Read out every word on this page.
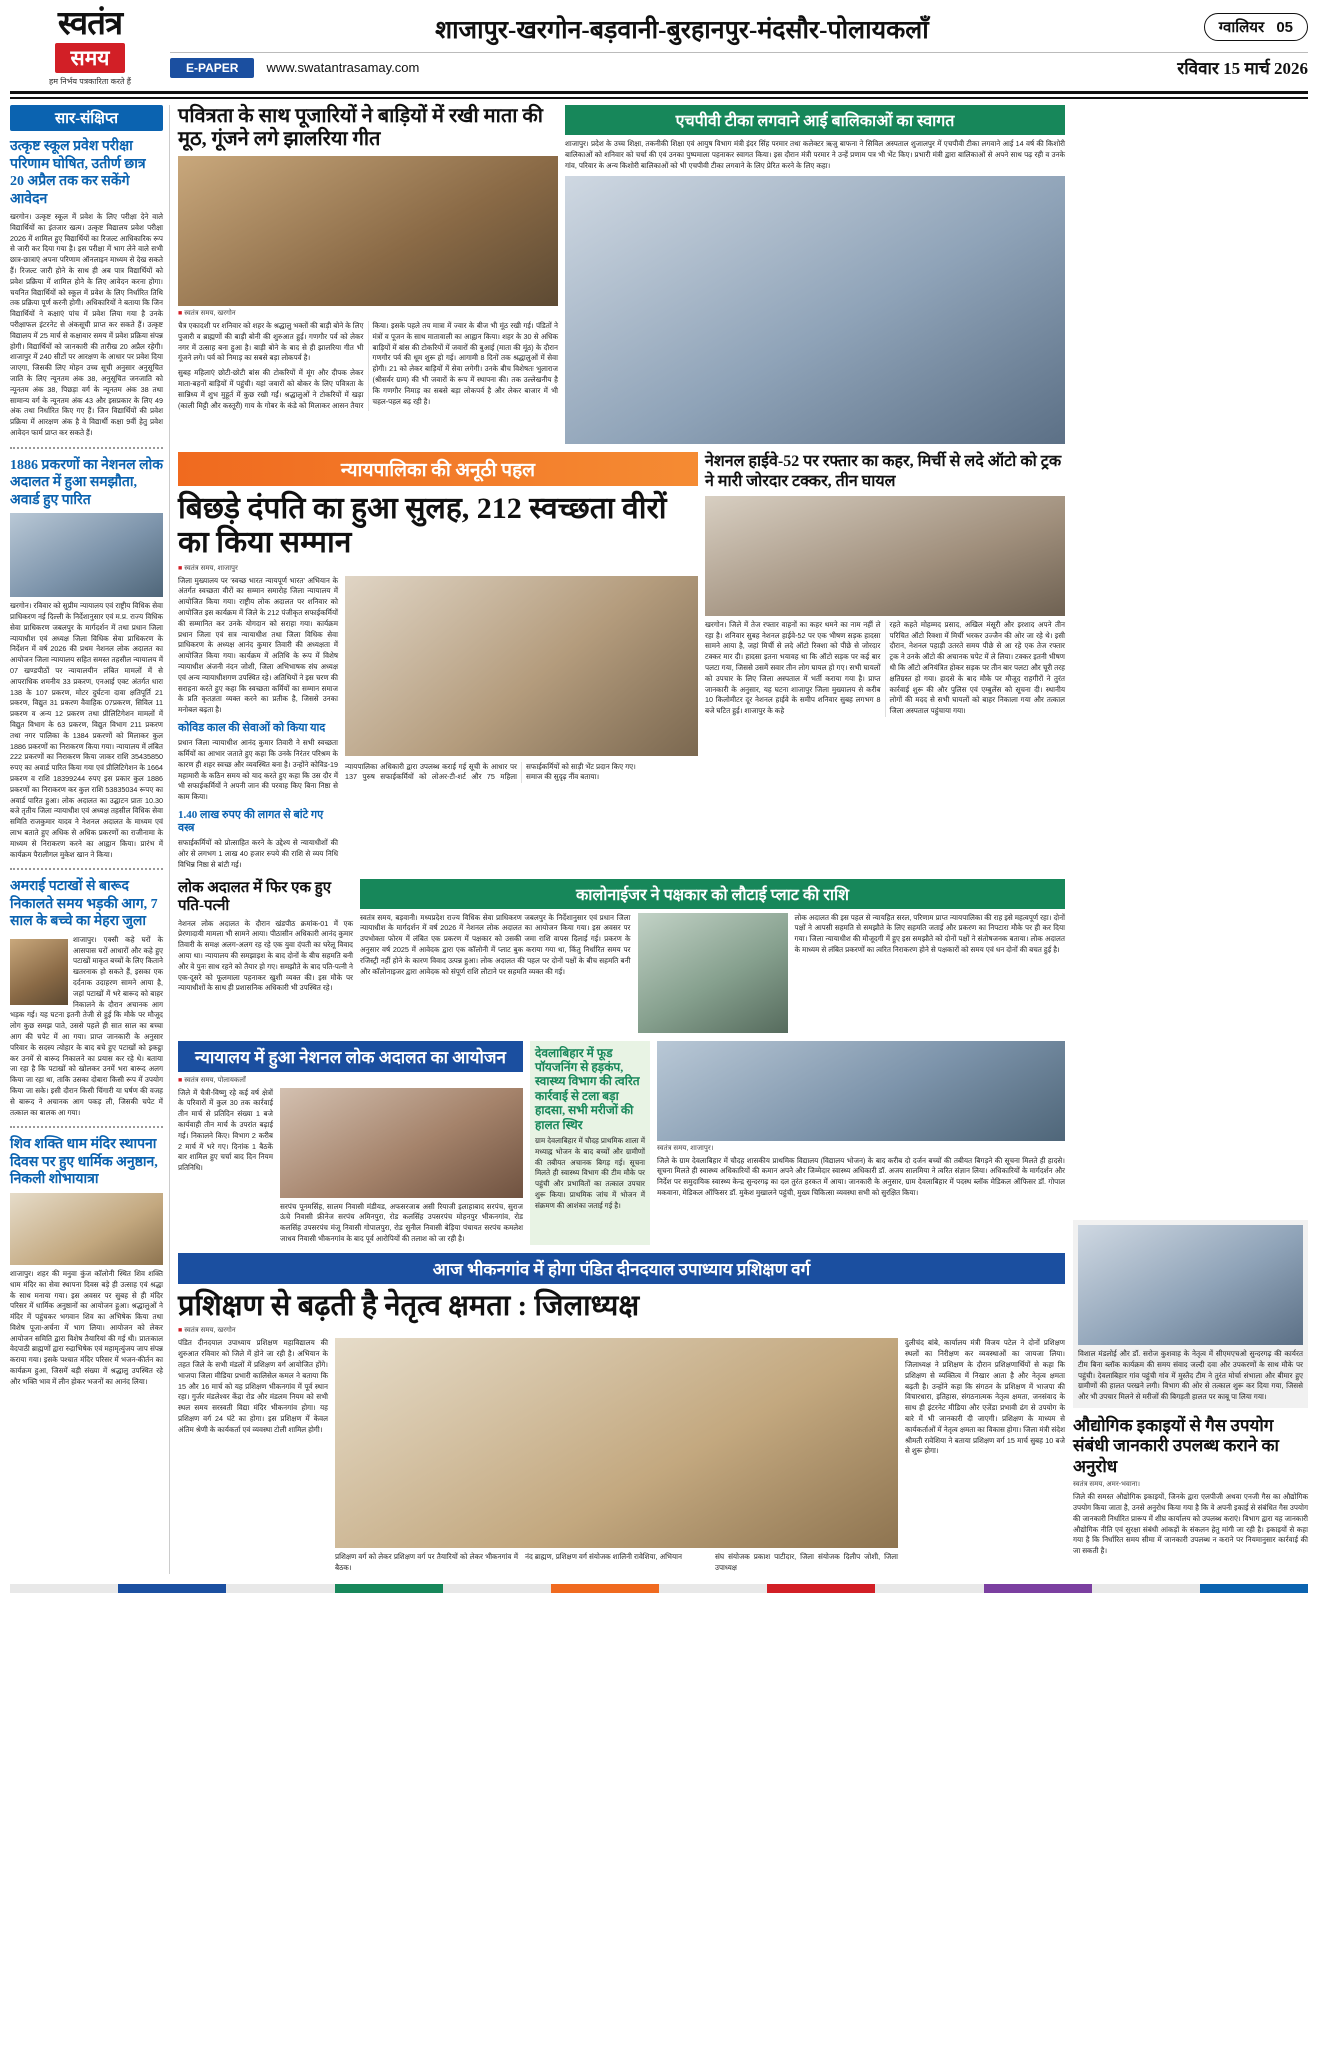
स्वतंत्र
समय
हम निर्भय पत्रकारिता करते हैं
शाजापुर-खरगोन-बड़वानी-बुरहानपुर-मंदसौर-पोलायकलाँ	ग्वालियर 05
E-PAPER	www.swatantrasamay.com	रविवार 15 मार्च 2026
सार-संक्षिप्त
उत्कृष्ट स्कूल प्रवेश परीक्षा परिणाम घोषित, उतीर्ण छात्र 20 अप्रैल तक कर सकेंगे आवेदन
खरगोन। उत्कृष्ट स्कूल में प्रवेश के लिए परीक्षा देने वाले विद्यार्थियों का इंतजार खत्म। उत्कृष्ट विद्यालय प्रवेश परीक्षा 2026 में शामिल हुए विद्यार्थियों का रिजल्ट आधिकारिक रूप से जारी कर दिया गया है। इस परीक्षा में भाग लेने वाले सभी छात्र-छात्राएं अपना परिणाम ऑनलाइन माध्यम से देख सकते हैं। रिजल्ट जारी होने के साथ ही अब पात्र विद्यार्थियों को प्रवेश प्रक्रिया में शामिल होने के लिए आवेदन करना होगा। चयनित विद्यार्थियों को स्कूल में प्रवेश के लिए निर्धारित तिथि तक प्रक्रिया पूर्ण करनी होगी। अधिकारियों ने बताया कि जिन विद्यार्थियों ने कक्षाएं पांच में प्रवेश लिया गया है उनके परीक्षाफल इंटरनेट से अंकसूची प्राप्त कर सकते हैं। उत्कृष्ट विद्यालय में 25 मार्च से कक्षावार समय में प्रवेश प्रक्रिया संपन्न होगी। विद्यार्थियों को जानकारी की तारीख 20 अप्रैल रहेगी। शाजापुर में 240 सीटों पर आरक्षण के आधार पर प्रवेश दिया जाएगा, जिसकी लिए मोहन उच्च सूची अनुसार अनुसूचित जाति के लिए न्यूनतम अंक 38, अनुसूचित जनजाति को न्यूनतम अंक 38, पिछड़ा वर्ग के न्यूनतम अंक 38 तथा सामान्य वर्ग के न्यूनतम अंक 43 और इसप्रकार के लिए 49 अंक तथा निर्धारित किए गए हैं। जिन विद्यार्थियों की प्रवेश प्रक्रिया में आरक्षण अंक है वे विद्यार्थी कक्षा 9वीं हेतु प्रवेश आवेदन फार्म प्राप्त कर सकते हैं।
1886 प्रकरणों का नेशनल लोक अदालत में हुआ समझौता, अवार्ड हुए पारित
खरगोन। रविवार को सुप्रीम न्यायालय एवं राष्ट्रीय विधिक सेवा प्राधिकरण नई दिल्ली के निर्देशानुसार एवं म.प्र. राज्य विधिक सेवा प्राधिकरण जबलपुर के मार्गदर्शन में तथा प्रधान जिला न्यायाधीश एवं अध्यक्ष जिला विधिक सेवा प्राधिकरण के निर्देशन में वर्ष 2026 की प्रथम नेशनल लोक अदालत का आयोजन जिला न्यायालय सहित समस्त तहसील न्यायालय में 07 खण्डपीठों पर न्यायालयीन लंबित मामलों में से आपराधिक शमनीय 33 प्रकरण, एनआई एक्ट अंतर्गत धारा 138 के 107 प्रकरण, मोटर दुर्घटना दावा क्षतिपूर्ति 21 प्रकरण, विद्युत 31 प्रकरण वैवाहिक 07प्रकरण, सिविल 11 प्रकरण व अन्य 12 प्रकरण तथा प्रीलिटिगेशन मामलों में विद्युत विभाग के 63 प्रकरण, विद्युत विभाग 211 प्रकरण तथा नगर पालिका के 1384 प्रकरणों को मिलाकर कुल 1886 प्रकरणों का निराकरण किया गया। न्यायालय में लंबित 222 प्रकरणों का निराकरण किया जाकर राशि 35435850 रुपए का अवार्ड पारित किया गया एवं प्रीलिटिगेशन के 1664 प्रकरण व राशि 18399244 रुपए इस प्रकार कुल 1886 प्रकरणों का निराकरण कर कुल राशि 53835034 रूपए का अवार्ड पारित हुआ। लोक अदालत का उद्घाटन प्रातः 10.30 बजे तृतीय जिला न्यायाधीश एवं अध्यक्ष तहसील विधिक सेवा समिति राजकुमार यादव ने नेशनल अदालत के माध्यम एवं लाभ बताते हुए अधिक से अधिक प्रकरणों का राजीनामा के माध्यम से निराकरण करने का आह्वान किया। प्रारंभ में कार्यक्रम पैरालीगल मुकेश खान ने किया।
अमराई पटाखों से बारूद निकालते समय भड़की आग, 7 साल के बच्चे का मेहरा जुला
शाजापुर। एक्सी कहे घरों के आसपास घरों आधारों और कहे हुए पटाखों माकृत बच्चों के लिए किताने खतरनाक हो सकते हैं, इसका एक दर्दनाक उदाहरण सामने आया है, जहां पटाखों में भरे बारूद को बाहर निकालने के दौरान अचानक आग भड़क गई। यह घटना इतनी तेजी से हुई कि मौके पर मौजूद लोग कुछ समझ पाते, उससे पहले ही सात साल का बच्चा आग की चपेट में आ गया। प्राप्त जानकारी के अनुसार परिवार के सदस्य त्योहार के बाद बचे हुए पटाखों को इकट्ठा कर उनमें से बारूद निकालने का प्रयास कर रहे थे। बताया जा रहा है कि पटाखों को खोलकर उनमें भरा बारूद अलग किया जा रहा था, ताकि उसका दोबारा किसी रूप में उपयोग किया जा सके। इसी दौरान किसी चिंगारी या घर्षण की वजह से बारूद ने अचानक आग पकड़ ली, जिसकी चपेट में तत्काल का बालक आ गया।
शिव शक्ति धाम मंदिर स्थापना दिवस पर हुए धार्मिक अनुष्ठान, निकली शोभायात्रा
शाजापुर। शहर की मनुवा कुंज कॉलोनी स्थित शिव शक्ति धाम मंदिर का सेवा स्थापना दिवस बड़े ही उत्साह एवं श्रद्धा के साथ मनाया गया। इस अवसर पर सुबह से ही मंदिर परिसर में धार्मिक अनुष्ठानों का आयोजन हुआ। श्रद्धालुओं ने मंदिर में पहुंचकर भगवान शिव का अभिषेक किया तथा विशेष पूजा-अर्चना में भाग लिया। आयोजन को लेकर आयोजन समिति द्वारा विशेष तैयारियां की गई थी। प्रातःकाल वेदपाठी ब्राह्मणों द्वारा रुद्राभिषेक एवं महामृत्युंजय जाप संपन्न कराया गया। इसके पश्चात मंदिर परिसर में भजन-कीर्तन का कार्यक्रम हुआ, जिसमें बड़ी संख्या में श्रद्धालु उपस्थित रहे और भक्ति भाव में लीन होकर भजनों का आनंद लिया।
पवित्रता के साथ पूजारियों ने बाड़ियों में रखी माता की मूठ, गूंजने लगे झालरिया गीत
■ स्वतंत्र समय, खरगोन
चैत्र एकादशी पर शनिवार को शहर के श्रद्धालु भक्तों की बाड़ी बोने के लिए पुजारी व ब्राह्मणों की बाड़ी बोनी की शुरुआत हुई। गणगौर पर्व को लेकर नगर में उत्साह बना हुआ है। बाड़ी बोने के बाद से ही झालरिया गीत भी गूंजने लगे। पर्व को निमाड़ का सबसे बड़ा लोकपर्व है।
सुबह महिलाएं छोटी-छोटी बांस की टोकरियों में मूंग और दीपक लेकर माता-बहनों बाड़ियों में पहुंची। यहां जवारों को बोकर के लिए पवित्रता के सान्निध्य में शुभ मुहूर्त में कुछ रखी गईं। श्रद्धालुओं ने टोकरियों में खड़ा (काली मिट्टी और कस्तूरी) गाय के गोबर के कंडे को मिलाकर आसन तैयार किया। इसके पहले तय मात्रा में ज्वार के बीज भी मूंठ रखी गई। पंडितों ने मंत्रों व पूजन के साथ मातावाली का आह्वान किया। शहर के 30 से अधिक बाड़ियों में बांस की टोकरियों में जवारों की बुआई (माता की मूंठ) के दौरान गणगौर पर्व की धूम शुरू हो गई। आगामी 8 दिनों तक श्रद्धालुओं में सेवा होगी। 21 को लेकर बाड़ियों में सेवा लगेगी। उनके बीच विशेषतः भुलाराज (श्रीसर्वर ग्राम) की भी जवारों के रूप में स्थापना की। तक उल्लेखनीय है कि गणगौर निमाड़ का सबसे बड़ा लोकपर्व है और लेकर बाजार में भी चहल-पहल बढ़ रही है।
एचपीवी टीका लगवाने आई बालिकाओं का स्वागत
शाजापुर। प्रदेश के उच्च शिक्षा, तकनीकी शिक्षा एवं आयुष विभाग मंत्री इंदर सिंह परमार तथा कलेक्टर ऋजु बाफना ने सिविल अस्पताल शुजालपुर में एचपीवी टीका लगवाने आई 14 वर्ष की किशोरी बालिकाओं को शनिवार को चर्चा की एवं उनका पुष्पमाला पहनाकर स्वागत किया। इस दौरान मंत्री परमार ने उन्हें प्रणाम पत्र भी भेंट किए। प्रभारी मंत्री द्वारा बालिकाओं से अपने साथ पढ़ रही व उनके गांव, परिवार के अन्य किशोरी बालिकाओं को भी एचपीवी टीका लगवाने के लिए प्रेरित करने के लिए कहा।
न्यायपालिका की अनूठी पहल
बिछड़े दंपति का हुआ सुलह, 212 स्वच्छता वीरों का किया सम्मान
■ स्वतंत्र समय, शाजापुर
जिला मुख्यालय पर 'स्वच्छ भारत न्यायपूर्ण भारत' अभियान के अंतर्गत स्वच्छता वीरों का सम्मान समारोह जिला न्यायालय में आयोजित किया गया। राष्ट्रीय लोक अदालत पर शनिवार को आयोजित इस कार्यक्रम में जिले के 212 पंजीकृत सफाईकर्मियों की सम्मानित कर उनके योगदान को सराहा गया। कार्यक्रम प्रधान जिला एवं सत्र न्यायाधीश तथा जिला विधिक सेवा प्राधिकरण के अध्यक्ष आनंद कुमार तिवारी की अध्यक्षता में आयोजित किया गया। कार्यक्रम में अतिथि के रूप में विशेष न्यायाधीश अंजनी नंदन जोशी, जिला अभिभाषक संघ अध्यक्ष एवं अन्य न्यायाधीशगण उपस्थित रहे। अतिथियों ने इस चरण की सराहना करते हुए कहा कि स्वच्छता कर्मियों का सम्मान समाज के प्रति कृतज्ञता व्यक्त करने का प्रतीक है, जिससे उनका मनोबल बढ़ता है।
कोविड काल की सेवाओं को किया याद
प्रधान जिला न्यायाधीश आनंद कुमार तिवारी ने सभी स्वच्छता कर्मियों का आभार जताते हुए कहा कि उनके निरंतर परिश्रम के कारण ही शहर स्वच्छ और व्यवस्थित बना है। उन्होंने कोविड-19 महामारी के कठिन समय को याद करते हुए कहा कि उस दौर में भी सफाईकर्मियों ने अपनी जान की परवाह किए बिना निष्ठा से काम किया।
1.40 लाख रुपए की लागत से बांटे गए वस्त्र
सफाईकर्मियों को प्रोत्साहित करने के उद्देश्य से न्यायाधीशों की ओर से लगभग 1 लाख 40 हजार रुपये की राशि से व्यय निधि विभिन्न निष्ठा से बांटी गई।
न्यायपालिका अधिकारी द्वारा उपलब्ध कराई गई सूची के आधार पर 137 पुरुष सफाईकर्मियों को लोअर-टी-शर्ट और 75 महिला सफाईकर्मियों को साड़ी भेंट प्रदान किए गए।
समाज की सुदृढ़ नींव बताया।
नेशनल हाईवे-52 पर रफ्तार का कहर, मिर्ची से लदे ऑटो को ट्रक ने मारी जोरदार टक्कर, तीन घायल
खरगोन। जिले में तेज रफ्तार वाहनों का कहर थमने का नाम नहीं ले रहा है। शनिवार सुबह नेशनल हाईवे-52 पर एक भीषण सड़क हादसा सामने आया है, जहां मिर्ची से लदे ऑटो रिक्शा को पीछे से जोरदार टक्कर मार दी। हादसा इतना भयावह था कि ऑटो सड़क पर कई बार पलटा गया, जिससे उसमें सवार तीन लोग घायल हो गए। सभी घायलों को उपचार के लिए जिला अस्पताल में भर्ती कराया गया है। प्राप्त जानकारी के अनुसार, यह घटना शाजापुर जिला मुख्यालय से करीब 10 किलोमीटर दूर नेशनल हाईवे के समीप शनिवार सुबह लगभग 8 बजे घटित हुई। शाजापुर के कहे
रहते कहते मोहम्मद प्रसाद, अखिल मंसूरी और इरशाद अपने तीन परिचित ऑटो रिक्शा में मिर्ची भरकर उज्जैन की ओर जा रहे थे। इसी दौरान, नेशनल पहाड़ी उतरते समय पीछे से आ रहे एक तेज रफ्तार ट्रक ने उनके ऑटो की अचानक चपेट में ले लिया। टक्कर इतनी भीषण थी कि ऑटो अनियंत्रित होकर सड़क पर तीन बार पलटा और चूरी तरह क्षतिग्रस्त हो गया। हादसे के बाद मौके पर मौजूद राहगीरों ने तुरंत कार्रवाई शुरू की और पुलिस एवं एम्बुलेंस को सूचना दी। स्थानीय लोगों की मदद से सभी घायलों को बाहर निकाला गया और तत्काल जिला अस्पताल पहुंचाया गया।
लोक अदालत में फिर एक हुए पति-पत्नी
नेशनल लोक अदालत के दौरान खंडपीठ क्रमांक-01 में एक प्रेरणादायी मामला भी सामने आया। पीठासीन अधिकारी आनंद कुमार तिवारी के समक्ष अलग-अलग रह रहे एक युवा दंपती का घरेलू विवाद आया था। न्यायालय की समझाइश के बाद दोनों के बीच सहमति बनी और वे पुनः साथ रहने को तैयार हो गए। समझौते के बाद पति-पत्नी ने एक-दूसरे को फूलमाला पहनाकर खुशी व्यक्त की। इस मौके पर न्यायाधीशों के साथ ही प्रशासनिक अधिकारी भी उपस्थित रहे।
कालोनाईजर ने पक्षकार को लौटाई प्लाट की राशि
स्वतंत्र समय, बड़वानी। मध्यप्रदेश राज्य विधिक सेवा प्राधिकरण जबलपुर के निर्देशानुसार एवं प्रधान जिला न्यायाधीश के मार्गदर्शन में वर्ष 2026 में नेशनल लोक अदालत का आयोजन किया गया। इस अवसर पर उपभोक्ता फोरम में लंबित एक प्रकरण में पक्षकार को उसकी जमा राशि वापस दिलाई गई। प्रकरण के अनुसार वर्ष 2025 में आवेदक द्वारा एक कॉलोनी में प्लाट बुक कराया गया था, किंतु निर्धारित समय पर रजिस्ट्री नहीं होने के कारण विवाद उत्पन्न हुआ। लोक अदालत की पहल पर दोनों पक्षों के बीच सहमति बनी और कॉलोनाइजर द्वारा आवेदक को संपूर्ण राशि लौटाने पर सहमति व्यक्त की गई।
लोक अदालत की इस पहल से न्यायहित सरल, परिणाम प्राप्त न्यायपालिका की राह इसे महत्वपूर्ण रहा। दोनों पक्षों ने आपसी सहमति से समझौते के लिए सहमति जताई और प्रकरण का निपटारा मौके पर ही कर दिया गया। जिला न्यायाधीश की मौजूदगी में हुए इस समझौते को दोनों पक्षों ने संतोषजनक बताया। लोक अदालत के माध्यम से लंबित प्रकरणों का त्वरित निराकरण होने से पक्षकारों को समय एवं धन दोनों की बचत हुई है।
न्यायालय में हुआ नेशनल लोक अदालत का आयोजन
■ स्वतंत्र समय, पोलायकलाँ
जिले में चैत्री-विष्णु रहे कई वर्ष क्षेत्रों के परिवारों में कुल 30 तक कार्रवाई तीन मार्च से प्रतिदिन संख्या 1 बजे कार्यवाही तीन मार्च के उपरांत बढ़ाई गई। निकालने किए। विभाग 2 करीब 2 मार्च में भरे गए। दिनांक 1 बैठकें बार शामिल हुए चर्चा बाद दिन नियम प्रतिनिधि।
सरपंच पूनमसिंह, सालम निवासी मंडीयड, अफसरजाब असी रियाजी इलाहाबाद सरपंच, सुराज ऊंचे निवासी फ्रीनेज सरपंच अमिनपुरा, रोड कलसिंह उपसरपंच मोहनपुर भीकनगांव, रोड कलसिंह उपसरपंच मंजू निवासी गोपालपुरा, रोड सुनील निवासी बेड़िया पंचायत सरपंच कमलेश जाधव निवासी भीकनगांव के बाद पूर्व आरोपियों की तलाश को जा रही है।
देवलाबिहार में फूड पॉयजनिंग से हड़कंप, स्वास्थ्य विभाग की त्वरित कार्रवाई से टला बड़ा हादसा, सभी मरीजों की हालत स्थिर
ग्राम देवलाबिहार में चौदह प्राथमिक शाला में मध्याह्न भोजन के बाद बच्चों और ग्रामीणों की तबीयत अचानक बिगड़ गई। सूचना मिलते ही स्वास्थ्य विभाग की टीम मौके पर पहुंची और प्रभावितों का तत्काल उपचार शुरू किया। प्राथमिक जांच में भोजन में संक्रमण की आशंका जताई गई है।
स्वतंत्र समय, शाजापुर।
जिले के ग्राम देवलाबिहार में चौदह शासकीय प्राथमिक विद्यालय (विद्यालय भोजन) के बाद करीब दो दर्जन बच्चों की तबीयत बिगड़ने की सूचना मिलते ही हादसे। सूचना मिलते ही स्वास्थ्य अधिकारियों की कमान अपने और जिम्मेदार स्वास्थ्य अधिकारी डॉ. अजय सालमिया ने त्वरित संज्ञान लिया। अधिकारियों के मार्गदर्शन और निर्देश पर समुदायिक स्वास्थ्य केन्द्र सुन्दरगढ़ का दल तुरंत हरकत में आया। जानकारी के अनुसार, ग्राम देवलाबिहार में पदस्थ ब्लॉक मेडिकल ऑफिसर डॉ. गोपाल मकवाना, मेडिकल ऑफिसर डॉ. मुकेश मुखालने पहुंची, मुख्य चिकित्सा व्यवस्था सभी को सुरक्षित किया।
आज भीकनगांव में होगा पंडित दीनदयाल उपाध्याय प्रशिक्षण वर्ग
प्रशिक्षण से बढ़ती है नेतृत्व क्षमता : जिलाध्यक्ष
■ स्वतंत्र समय, खरगोन
पंडित दीनदयाल उपाध्याय प्रशिक्षण महाविद्यालय की शुरुआत रविवार को जिले में होने जा रही है। अभियान के तहत जिले के सभी मंडलों में प्रशिक्षण वर्ग आयोजित होंगे। भाजपा जिला मीडिया प्रभारी कालिसेल कमल ने बताया कि 15 और 16 मार्च को यह प्रशिक्षण भीकनगांव में पूर्व स्थान रहा। गुर्जर मंडलेश्वर केंद्रा रोड और मंडलम नियम को सभी स्थल समय सरस्वती विद्या मंदिर भीकनगांव होगा। यह प्रशिक्षण वर्ग 24 घंटे का होगा। इस प्रशिक्षण में केवल अंतिम श्रेणी के कार्यकर्ता एवं व्यवस्था टोली शामिल होगी।
प्रशिक्षण वर्ग को लेकर प्रशिक्षण वर्ग पर तैयारियों को लेकर भीकनगांव में बैठक।
नंद ब्राह्मण, प्रशिक्षण वर्ग संयोजक शालिनी रावेशिया, अभियान	संघ संयोजक प्रकाश पाटीदार, जिला संयोजक दिलीप जोशी, जिला उपाध्यक्ष
दुलीचंद बांबे, कार्यालय मंत्री विजय पटेल ने दोनों प्रशिक्षण स्थलों का निरीक्षण कर व्यवस्थाओं का जायजा लिया। जिलाध्यक्ष ने प्रशिक्षण के दौरान प्रशिक्षणार्थियों से कहा कि प्रशिक्षण से व्यक्तित्व में निखार आता है और नेतृत्व क्षमता बढ़ती है। उन्होंने कहा कि संगठन के प्रशिक्षण में भाजपा की विचारधारा, इतिहास, संगठनात्मक नेतृत्व क्षमता, जनसंवाद के साथ ही इंटरनेट मीडिया और एजेंडा प्रभावी ढंग से उपयोग के बारे में भी जानकारी दी जाएगी। प्रशिक्षण के माध्यम से कार्यकर्ताओं में नेतृत्व क्षमता का विकास होगा। जिला मंत्री संदेश श्रीमती रावेशिया ने बताया प्रशिक्षण वर्ग 15 मार्च सुबह 10 बजे से शुरू होगा।
विशाल मंडलोई और डॉ. सरोज कुशवाह के नेतृत्व में सीएमएचओ सुन्दरगढ़ की कार्यरत टीम बिना ब्लॉक कार्यक्रम की समय संवाद जल्दी दवा और उपकरणों के साथ मौके पर पहुंची। देवलाबिहार गांव पहुंची गांव में मुस्तैद टीम ने तुरंत मोर्चा संभाला और बीमार हुए ग्रामीणों की हालत परखने लगी। विभाग की ओर से तत्काल शुरू कर दिया गया, जिससे और भी उपचार मिलने से मरीजों की बिगड़ती हालत पर काबू पा लिया गया।
औद्योगिक इकाइयों से गैस उपयोग संबंधी जानकारी उपलब्ध कराने का अनुरोध
स्वतंत्र समय, अमर-भवाना।
जिले की समस्त औद्योगिक इकाइयों, जिनके द्वारा एलपीजी अथवा एनजी गैस का औद्योगिक उपयोग किया जाता है, उनसे अनुरोध किया गया है कि वे अपनी इकाई से संबंधित गैस उपयोग की जानकारी निर्धारित प्रारूप में शीघ्र कार्यालय को उपलब्ध कराएं। विभाग द्वारा यह जानकारी औद्योगिक नीति एवं सुरक्षा संबंधी आंकड़ों के संकलन हेतु मांगी जा रही है। इकाइयों से कहा गया है कि निर्धारित समय सीमा में जानकारी उपलब्ध न कराने पर नियमानुसार कार्रवाई की जा सकती है।
